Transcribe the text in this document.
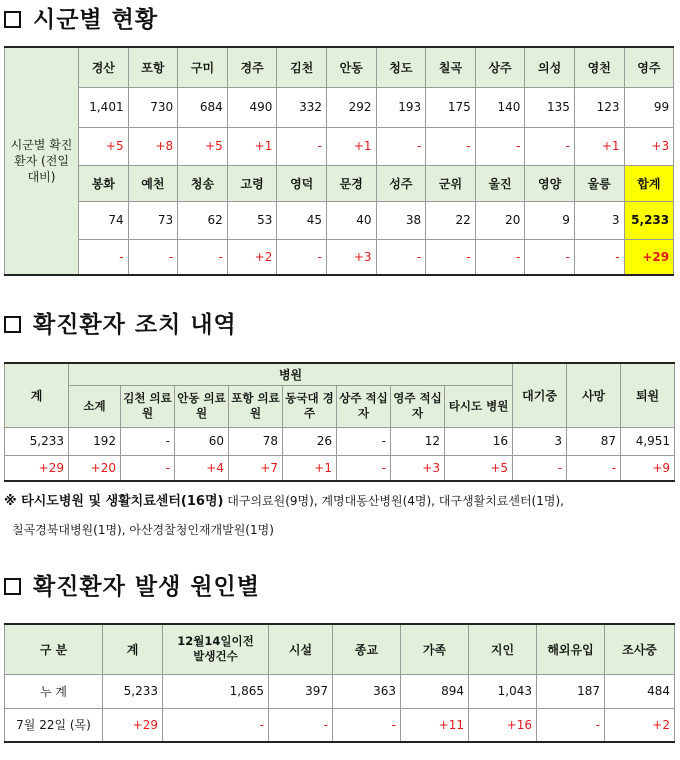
시군별 현황
시군별 확진환자 (전일대비)	경산	포항	구미	경주	김천	안동	청도	칠곡	상주	의성	영천	영주
	1,401	730	684	490	332	292	193	175	140	135	123	99
	+5	+8	+5	+1	-	+1	-	-	-	-	+1	+3
	봉화	예천	청송	고령	영덕	문경	성주	군위	울진	영양	울릉	합계
	74	73	62	53	45	40	38	22	20	9	3	5,233
	-	-	-	+2	-	+3	-	-	-	-	-	+29
확진환자 조치 내역
계	병원								대기중	사망	퇴원
	소계	김천 의료원	안동 의료원	포항 의료원	동국대 경주	상주 적십자	영주 적십자	타시도 병원			
5,233	192	-	60	78	26	-	12	16	3	87	4,951
+29	+20	-	+4	+7	+1	-	+3	+5	-	-	+9
※ 타시도병원 및 생활치료센터(16명) 대구의료원(9명), 계명대동산병원(4명), 대구생활치료센터(1명),
칠곡경북대병원(1명), 아산경찰청인재개발원(1명)
확진환자 발생 원인별
구 분	계	12월14일이전 발생건수	시설	종교	가족	지인	해외유입	조사중
누 계	5,233	1,865	397	363	894	1,043	187	484
7월 22일 (목)	+29	-	-	-	+11	+16	-	+2
